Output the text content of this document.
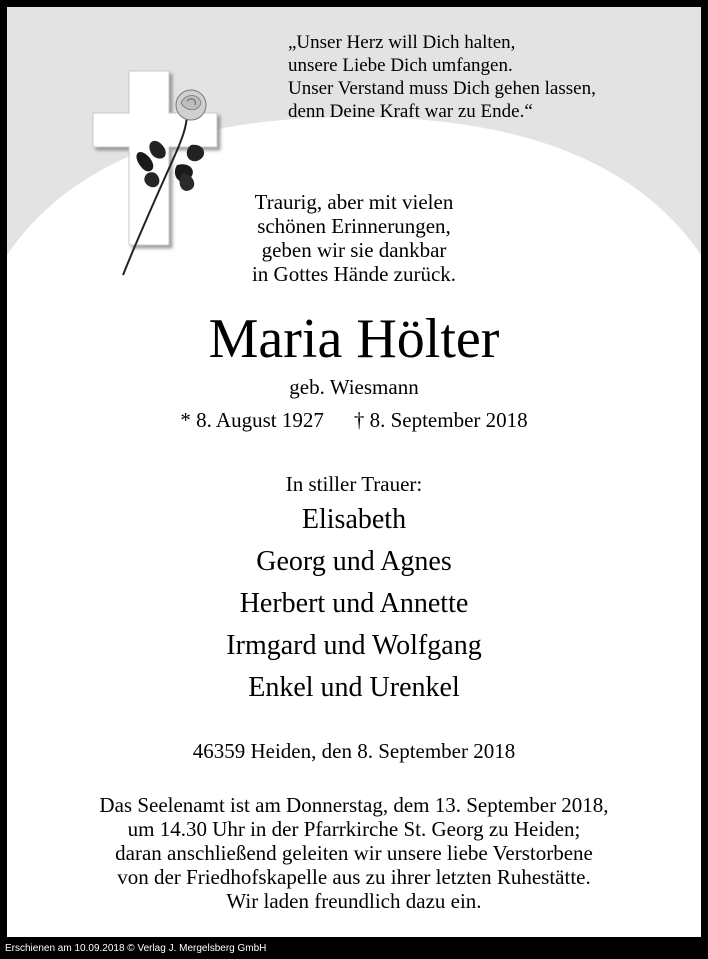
„Unser Herz will Dich halten,
unsere Liebe Dich umfangen.
Unser Verstand muss Dich gehen lassen,
denn Deine Kraft war zu Ende.“
Traurig, aber mit vielen
schönen Erinnerungen,
geben wir sie dankbar
in Gottes Hände zurück.
Maria Hölter
geb. Wiesmann
* 8. August 1927 † 8. September 2018
In stiller Trauer:
Elisabeth
Georg und Agnes
Herbert und Annette
Irmgard und Wolfgang
Enkel und Urenkel
46359 Heiden, den 8. September 2018
Das Seelenamt ist am Donnerstag, dem 13. September 2018,
um 14.30 Uhr in der Pfarrkirche St. Georg zu Heiden;
daran anschließend geleiten wir unsere liebe Verstorbene
von der Friedhofskapelle aus zu ihrer letzten Ruhestätte.
Wir laden freundlich dazu ein.
Erschienen am 10.09.2018 © Verlag J. Mergelsberg GmbH
